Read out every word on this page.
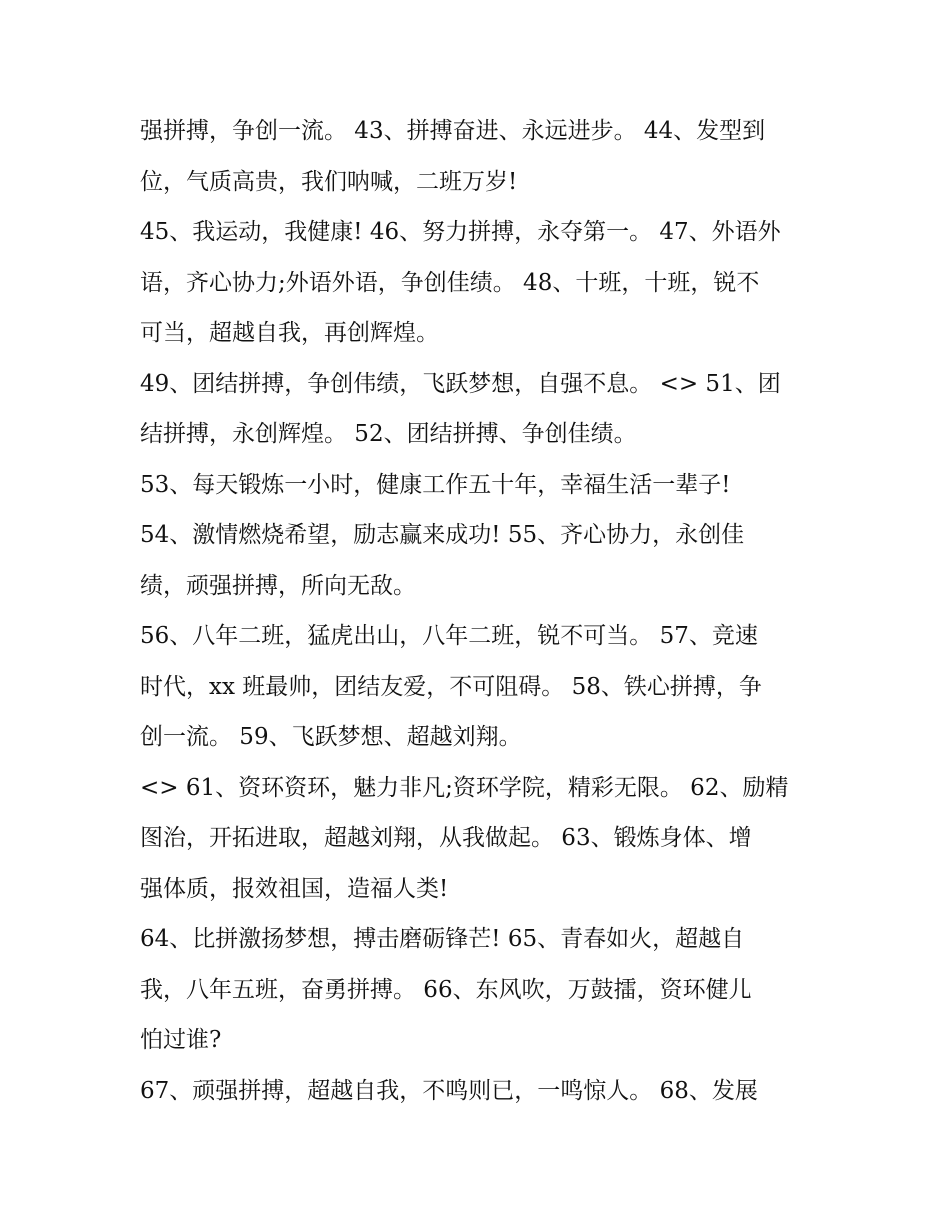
强拼搏，争创一流。 43、拼搏奋进、永远进步。 44、发型到
位，气质高贵，我们呐喊，二班万岁!
45、我运动，我健康! 46、努力拼搏，永夺第一。 47、外语外
语，齐心协力;外语外语，争创佳绩。 48、十班，十班，锐不
可当，超越自我，再创辉煌。
49、团结拼搏，争创伟绩，飞跃梦想，自强不息。 <> 51、团
结拼搏，永创辉煌。 52、团结拼搏、争创佳绩。
53、每天锻炼一小时，健康工作五十年，幸福生活一辈子!
54、激情燃烧希望，励志赢来成功! 55、齐心协力，永创佳
绩，顽强拼搏，所向无敌。
56、八年二班，猛虎出山，八年二班，锐不可当。 57、竞速
时代，xx 班最帅，团结友爱，不可阻碍。 58、铁心拼搏，争
创一流。 59、飞跃梦想、超越刘翔。
<> 61、资环资环，魅力非凡;资环学院，精彩无限。 62、励精
图治，开拓进取，超越刘翔，从我做起。 63、锻炼身体、增
强体质，报效祖国，造福人类!
64、比拼激扬梦想，搏击磨砺锋芒! 65、青春如火，超越自
我，八年五班，奋勇拼搏。 66、东风吹，万鼓擂，资环健儿
怕过谁?
67、顽强拼搏，超越自我，不鸣则已，一鸣惊人。 68、发展
